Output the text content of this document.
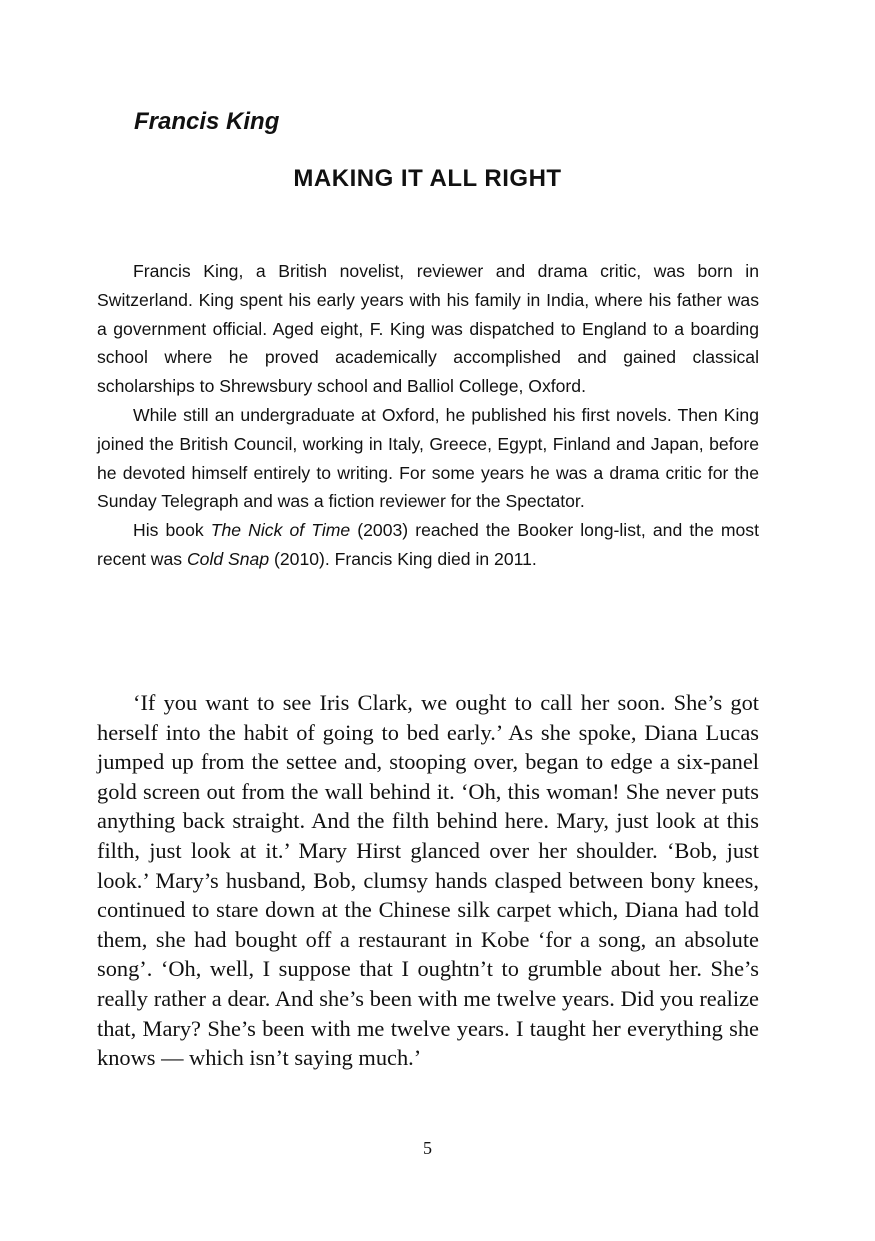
Francis King
MAKING IT ALL RIGHT

Francis King, a British novelist, reviewer and drama critic, was born in Switzerland. King spent his early years with his family in India, where his father was a government official. Aged eight, F. King was dispatched to England to a boarding school where he proved academically accomplished and gained classical scholarships to Shrewsbury school and Balliol College, Oxford.

While still an undergraduate at Oxford, he published his first novels. Then King joined the British Council, working in Italy, Greece, Egypt, Finland and Japan, before he devoted himself entirely to writing. For some years he was a drama critic for the Sunday Telegraph and was a fiction reviewer for the Spectator.

His book The Nick of Time (2003) reached the Booker long-list, and the most recent was Cold Snap (2010). Francis King died in 2011.

‘If you want to see Iris Clark, we ought to call her soon. She’s got herself into the habit of going to bed early.’ As she spoke, Diana Lucas jumped up from the settee and, stooping over, began to edge a six-panel gold screen out from the wall behind it. ‘Oh, this woman! She never puts anything back straight. And the filth behind here. Mary, just look at this filth, just look at it.’ Mary Hirst glanced over her shoulder. ‘Bob, just look.’ Mary’s husband, Bob, clumsy hands clasped between bony knees, continued to stare down at the Chinese silk carpet which, Diana had told them, she had bought off a restaurant in Kobe ‘for a song, an absolute song’. ‘Oh, well, I suppose that I oughtn’t to grumble about her. She’s really rather a dear. And she’s been with me twelve years. Did you realize that, Mary? She’s been with me twelve years. I taught her everything she knows — which isn’t saying much.’

5
